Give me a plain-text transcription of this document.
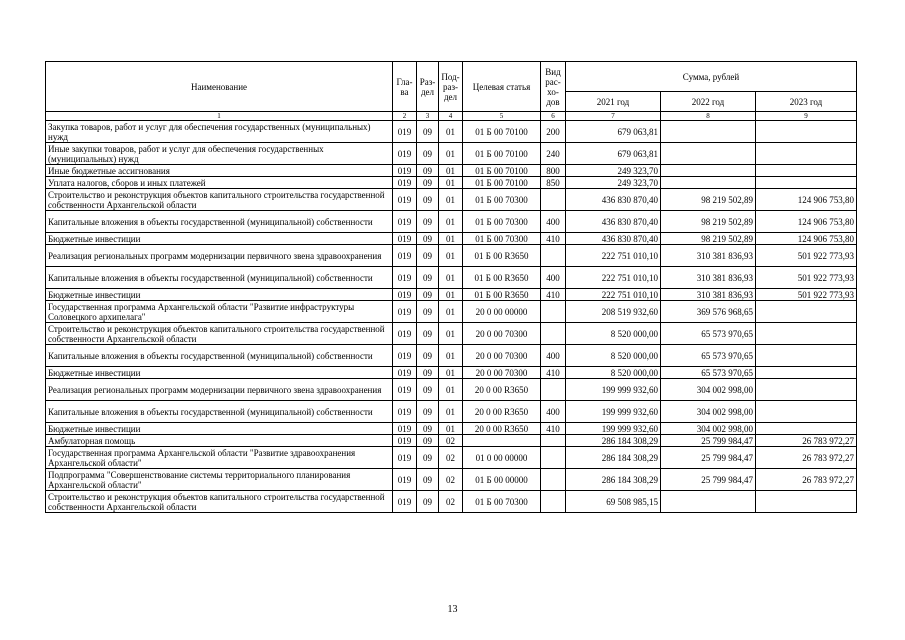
Наименование	Гла-ва	Раз-дел	Под-раз-дел	Целевая статья	Вид рас-хо-дов	Сумма, рублей		
						2021 год	2022 год	2023 год
1	2	3	4	5	6	7	8	9
Закупка товаров, работ и услуг для обеспечения государственных (муниципальных) нужд	019	09	01	01 Б 00 70100	200	679 063,81		
Иные закупки товаров, работ и услуг для обеспечения государственных (муниципальных) нужд	019	09	01	01 Б 00 70100	240	679 063,81		
Иные бюджетные ассигнования	019	09	01	01 Б 00 70100	800	249 323,70		
Уплата налогов, сборов и иных платежей	019	09	01	01 Б 00 70100	850	249 323,70		
Строительство и реконструкция объектов капитального строительства государственной собственности Архангельской области	019	09	01	01 Б 00 70300		436 830 870,40	98 219 502,89	124 906 753,80
Капитальные вложения в объекты государственной (муниципальной) собственности	019	09	01	01 Б 00 70300	400	436 830 870,40	98 219 502,89	124 906 753,80
Бюджетные инвестиции	019	09	01	01 Б 00 70300	410	436 830 870,40	98 219 502,89	124 906 753,80
Реализация региональных программ модернизации первичного звена здравоохранения	019	09	01	01 Б 00 R3650		222 751 010,10	310 381 836,93	501 922 773,93
Капитальные вложения в объекты государственной (муниципальной) собственности	019	09	01	01 Б 00 R3650	400	222 751 010,10	310 381 836,93	501 922 773,93
Бюджетные инвестиции	019	09	01	01 Б 00 R3650	410	222 751 010,10	310 381 836,93	501 922 773,93
Государственная программа Архангельской области "Развитие инфраструктуры Соловецкого архипелага"	019	09	01	20 0 00 00000		208 519 932,60	369 576 968,65	
Строительство и реконструкция объектов капитального строительства государственной собственности Архангельской области	019	09	01	20 0 00 70300		8 520 000,00	65 573 970,65	
Капитальные вложения в объекты государственной (муниципальной) собственности	019	09	01	20 0 00 70300	400	8 520 000,00	65 573 970,65	
Бюджетные инвестиции	019	09	01	20 0 00 70300	410	8 520 000,00	65 573 970,65	
Реализация региональных программ модернизации первичного звена здравоохранения	019	09	01	20 0 00 R3650		199 999 932,60	304 002 998,00	
Капитальные вложения в объекты государственной (муниципальной) собственности	019	09	01	20 0 00 R3650	400	199 999 932,60	304 002 998,00	
Бюджетные инвестиции	019	09	01	20 0 00 R3650	410	199 999 932,60	304 002 998,00	
Амбулаторная помощь	019	09	02			286 184 308,29	25 799 984,47	26 783 972,27
Государственная программа Архангельской области "Развитие здравоохранения Архангельской области"	019	09	02	01 0 00 00000		286 184 308,29	25 799 984,47	26 783 972,27
Подпрограмма "Совершенствование системы территориального планирования Архангельской области"	019	09	02	01 Б 00 00000		286 184 308,29	25 799 984,47	26 783 972,27
Строительство и реконструкция объектов капитального строительства государственной собственности Архангельской области	019	09	02	01 Б 00 70300		69 508 985,15		
13
